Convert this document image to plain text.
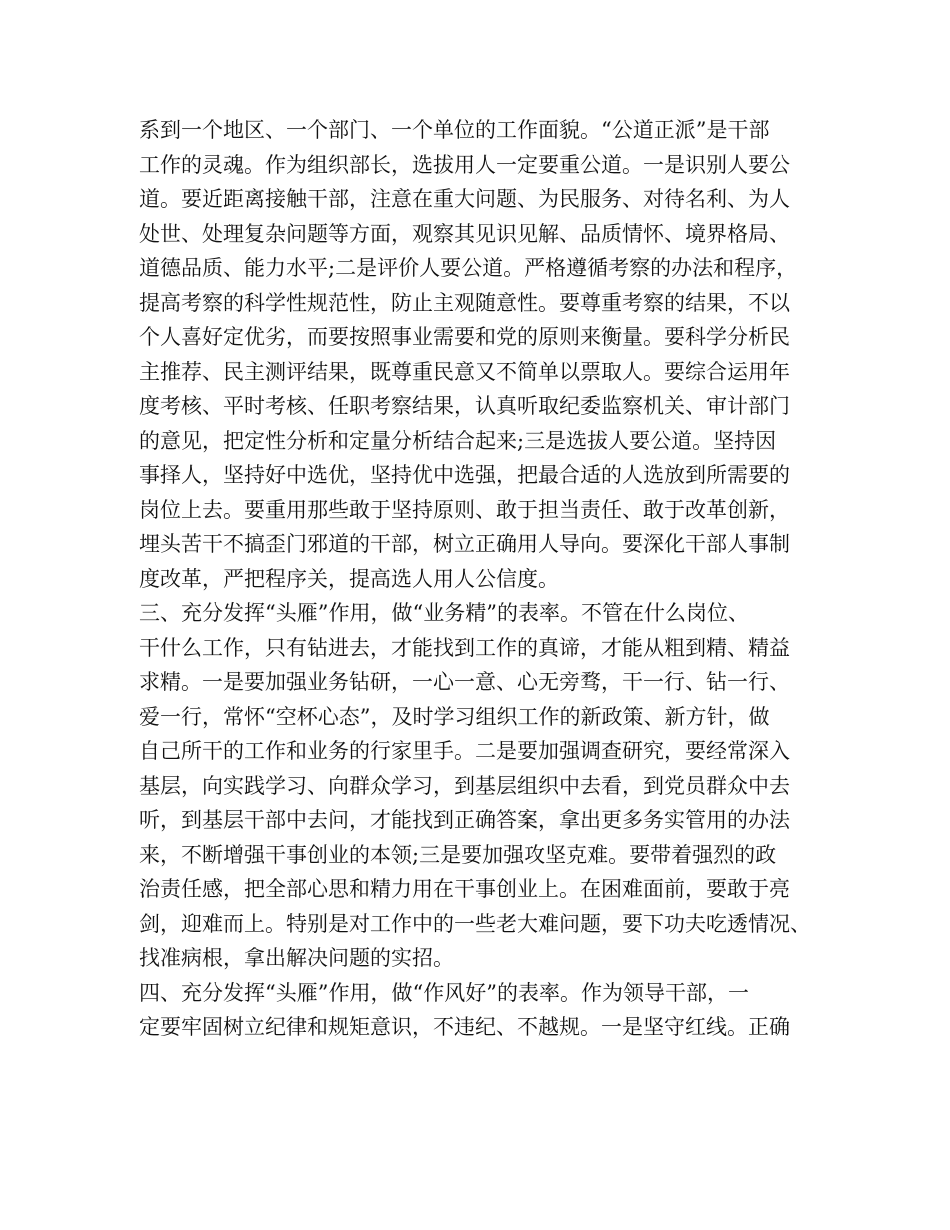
系到一个地区、一个部门、一个单位的工作面貌。“公道正派”是干部
工作的灵魂。作为组织部长，选拔用人一定要重公道。一是识别人要公
道。要近距离接触干部，注意在重大问题、为民服务、对待名利、为人
处世、处理复杂问题等方面，观察其见识见解、品质情怀、境界格局、
道德品质、能力水平;二是评价人要公道。严格遵循考察的办法和程序，
提高考察的科学性规范性，防止主观随意性。要尊重考察的结果，不以
个人喜好定优劣，而要按照事业需要和党的原则来衡量。要科学分析民
主推荐、民主测评结果，既尊重民意又不简单以票取人。要综合运用年
度考核、平时考核、任职考察结果，认真听取纪委监察机关、审计部门
的意见，把定性分析和定量分析结合起来;三是选拔人要公道。坚持因
事择人，坚持好中选优，坚持优中选强，把最合适的人选放到所需要的
岗位上去。要重用那些敢于坚持原则、敢于担当责任、敢于改革创新，
埋头苦干不搞歪门邪道的干部，树立正确用人导向。要深化干部人事制
度改革，严把程序关，提高选人用人公信度。
三、充分发挥“头雁”作用，做“业务精”的表率。不管在什么岗位、
干什么工作，只有钻进去，才能找到工作的真谛，才能从粗到精、精益
求精。一是要加强业务钻研，一心一意、心无旁骛，干一行、钻一行、
爱一行，常怀“空杯心态”，及时学习组织工作的新政策、新方针，做
自己所干的工作和业务的行家里手。二是要加强调查研究，要经常深入
基层，向实践学习、向群众学习，到基层组织中去看，到党员群众中去
听，到基层干部中去问，才能找到正确答案，拿出更多务实管用的办法
来，不断增强干事创业的本领;三是要加强攻坚克难。要带着强烈的政
治责任感，把全部心思和精力用在干事创业上。在困难面前，要敢于亮
剑，迎难而上。特别是对工作中的一些老大难问题，要下功夫吃透情况、
找准病根，拿出解决问题的实招。
四、充分发挥“头雁”作用，做“作风好”的表率。作为领导干部，一
定要牢固树立纪律和规矩意识，不违纪、不越规。一是坚守红线。正确
